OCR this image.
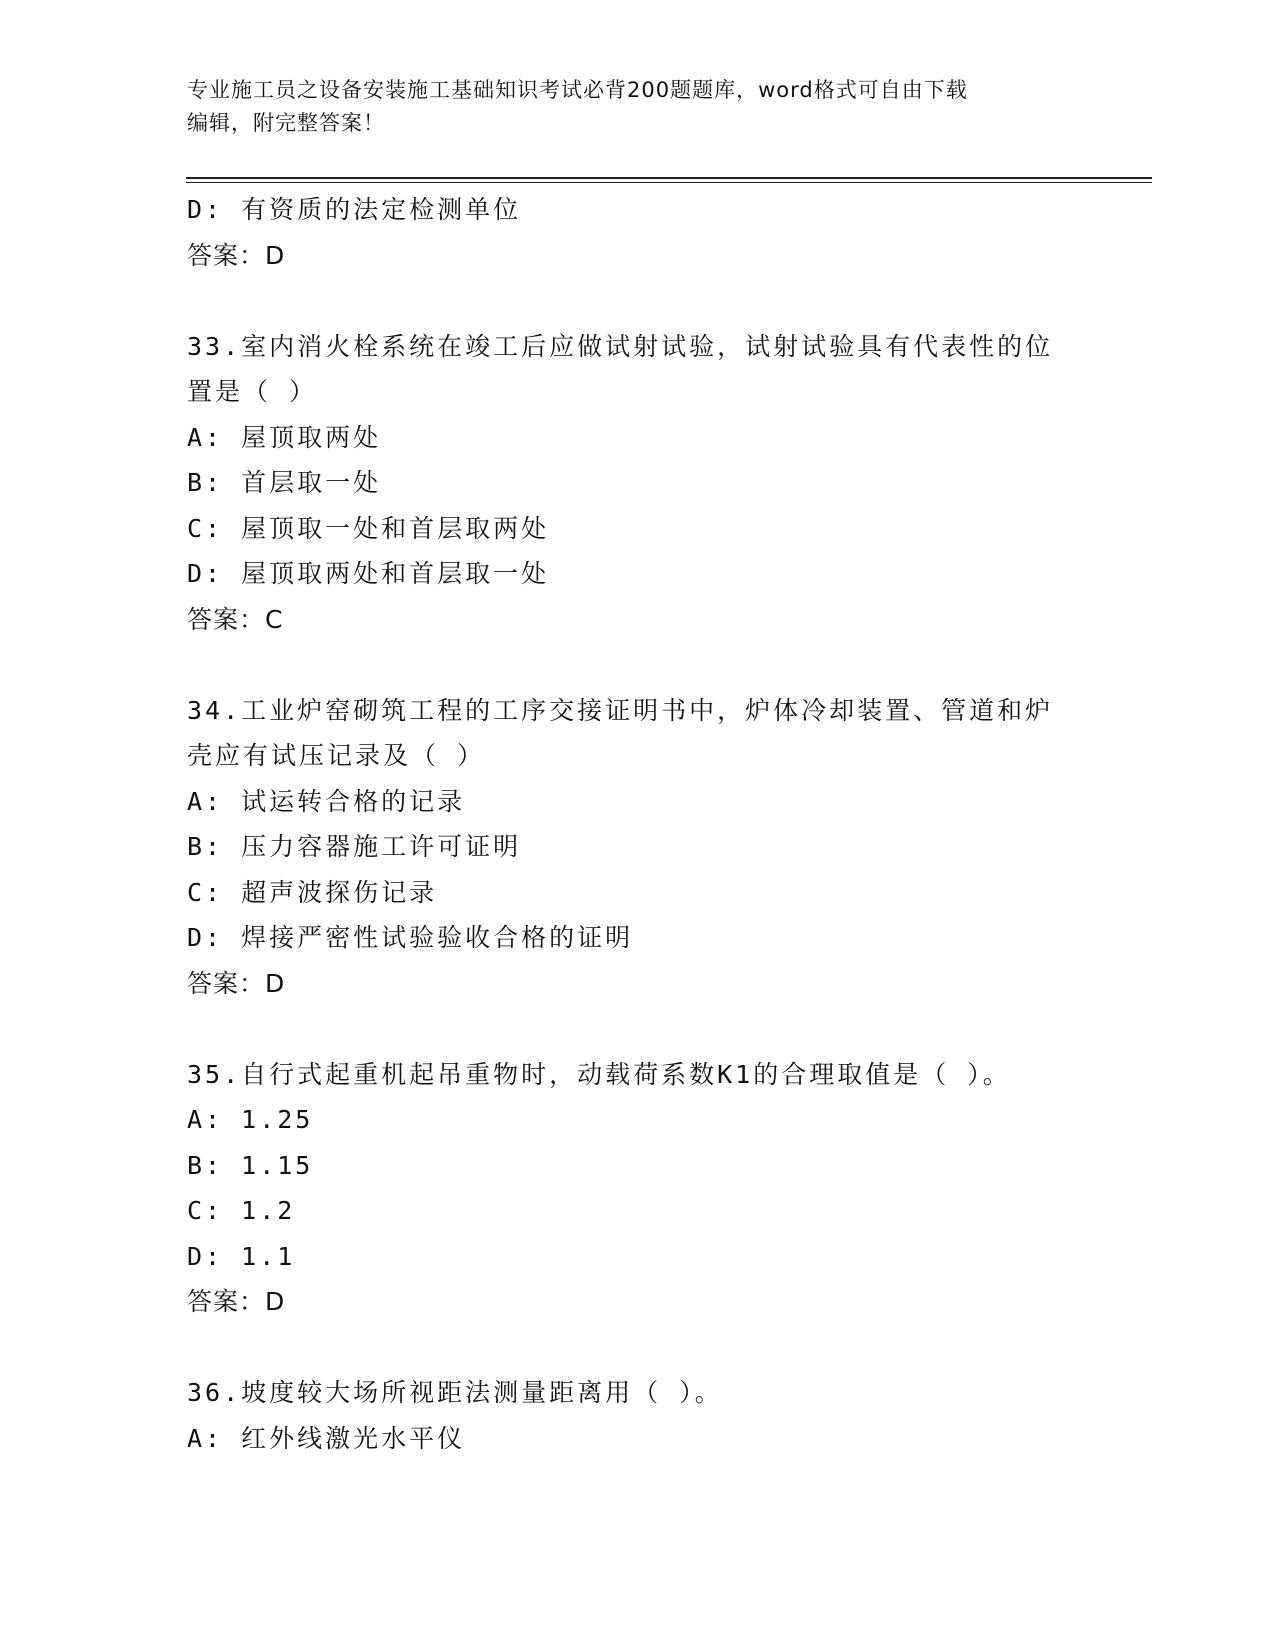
专业施工员之设备安装施工基础知识考试必背200题题库，word格式可自由下载
编辑，附完整答案！
D: 有资质的法定检测单位
答案：D
33.室内消火栓系统在竣工后应做试射试验，试射试验具有代表性的位
置是（ ）
A: 屋顶取两处
B: 首层取一处
C: 屋顶取一处和首层取两处
D: 屋顶取两处和首层取一处
答案：C
34.工业炉窑砌筑工程的工序交接证明书中，炉体冷却装置、管道和炉
壳应有试压记录及（ ）
A: 试运转合格的记录
B: 压力容器施工许可证明
C: 超声波探伤记录
D: 焊接严密性试验验收合格的证明
答案：D
35.自行式起重机起吊重物时，动载荷系数K1的合理取值是（ ）。
A: 1.25
B: 1.15
C: 1.2
D: 1.1
答案：D
36.坡度较大场所视距法测量距离用（ ）。
A: 红外线激光水平仪
